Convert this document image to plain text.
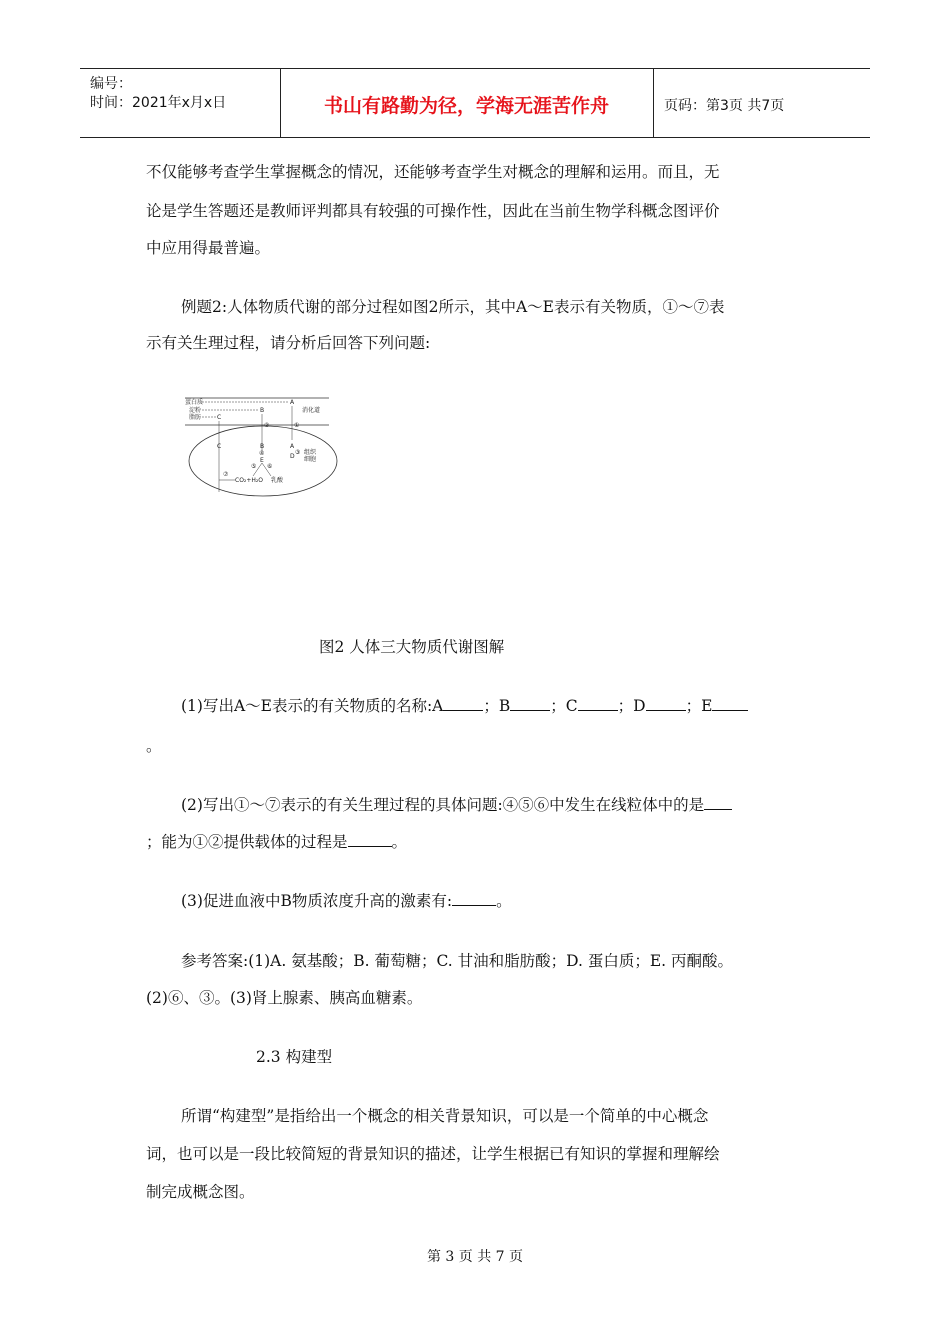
编号：
时间：2021年x月x日	书山有路勤为径，学海无涯苦作舟	页码：第3页 共7页
不仅能够考查学生掌握概念的情况，还能够考查学生对概念的理解和运用。而且，无
论是学生答题还是教师评判都具有较强的可操作性，因此在当前生物学科概念图评价
中应用得最普遍。
例题2:人体物质代谢的部分过程如图2所示，其中A～E表示有关物质，①～⑦表
示有关生理过程，请分析后回答下列问题:
蛋白质	A
淀粉	B
脂肪	C
消化道
②	①
C	B	A
D
E
④	③ 组织
细胞
⑤ ⑥
⑦
CO₂+H₂O 乳酸
图2 人体三大物质代谢图解
(1)写出A～E表示的有关物质的名称:A	；B	；C	；D	；E
。
(2)写出①～⑦表示的有关生理过程的具体问题:④⑤⑥中发生在线粒体中的是
；能为①②提供载体的过程是	。
(3)促进血液中B物质浓度升高的激素有:	。
参考答案:(1)A. 氨基酸；B. 葡萄糖；C. 甘油和脂肪酸；D. 蛋白质；E. 丙酮酸。
(2)⑥、③。(3)肾上腺素、胰高血糖素。
2.3 构建型
所谓“构建型”是指给出一个概念的相关背景知识，可以是一个简单的中心概念
词，也可以是一段比较简短的背景知识的描述，让学生根据已有知识的掌握和理解绘
制完成概念图。
第 3 页 共 7 页
